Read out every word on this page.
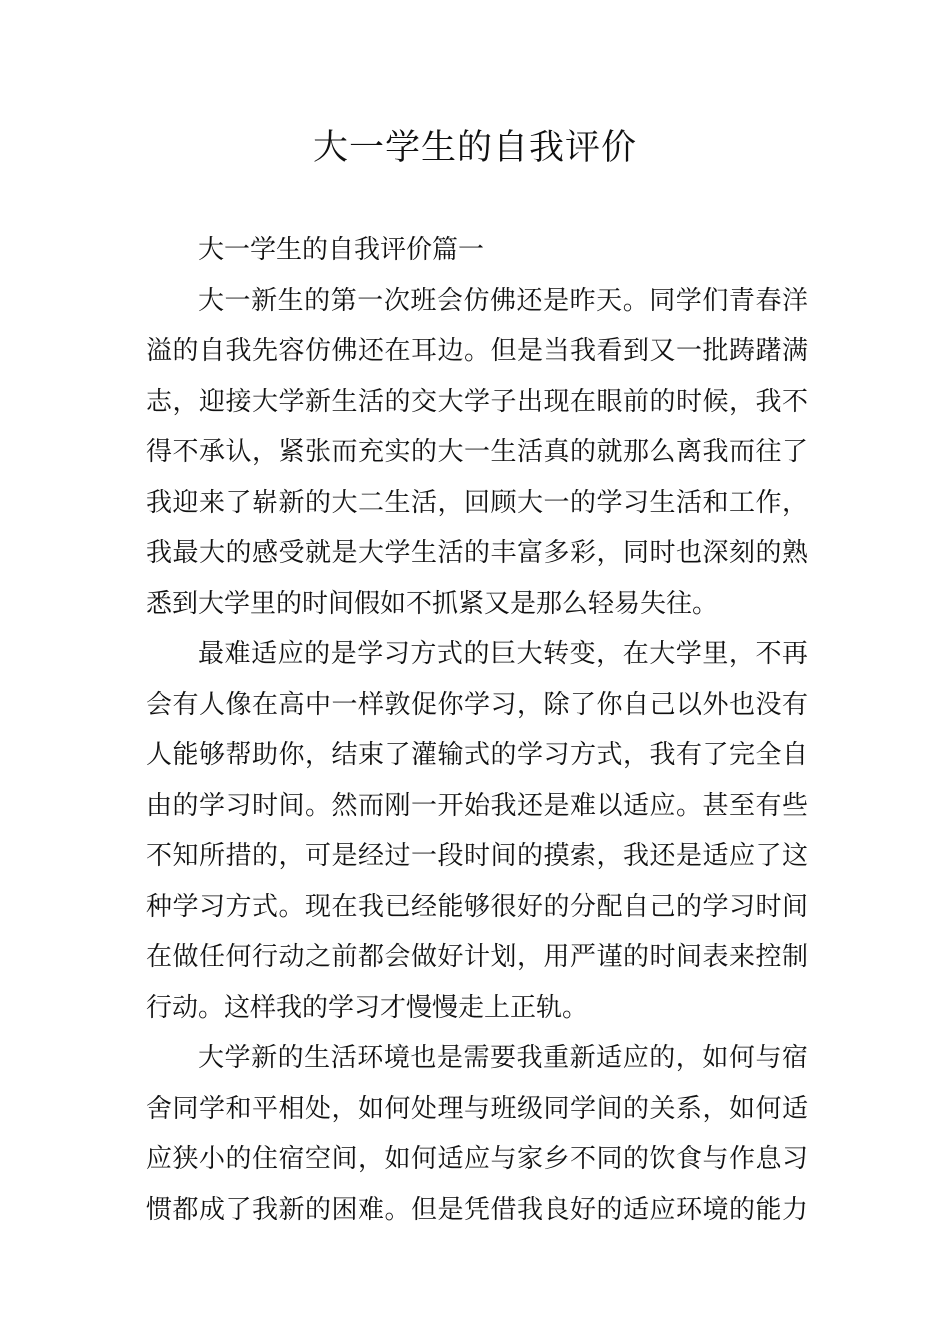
大一学生的自我评价
大一学生的自我评价篇一
大一新生的第一次班会仿佛还是昨天。同学们青春洋
溢的自我先容仿佛还在耳边。但是当我看到又一批踌躇满
志，迎接大学新生活的交大学子出现在眼前的时候，我不
得不承认，紧张而充实的大一生活真的就那么离我而往了
我迎来了崭新的大二生活，回顾大一的学习生活和工作，
我最大的感受就是大学生活的丰富多彩，同时也深刻的熟
悉到大学里的时间假如不抓紧又是那么轻易失往。
最难适应的是学习方式的巨大转变，在大学里，不再
会有人像在高中一样敦促你学习，除了你自己以外也没有
人能够帮助你，结束了灌输式的学习方式，我有了完全自
由的学习时间。然而刚一开始我还是难以适应。甚至有些
不知所措的，可是经过一段时间的摸索，我还是适应了这
种学习方式。现在我已经能够很好的分配自己的学习时间
在做任何行动之前都会做好计划，用严谨的时间表来控制
行动。这样我的学习才慢慢走上正轨。
大学新的生活环境也是需要我重新适应的，如何与宿
舍同学和平相处，如何处理与班级同学间的关系，如何适
应狭小的住宿空间，如何适应与家乡不同的饮食与作息习
惯都成了我新的困难。但是凭借我良好的适应环境的能力
